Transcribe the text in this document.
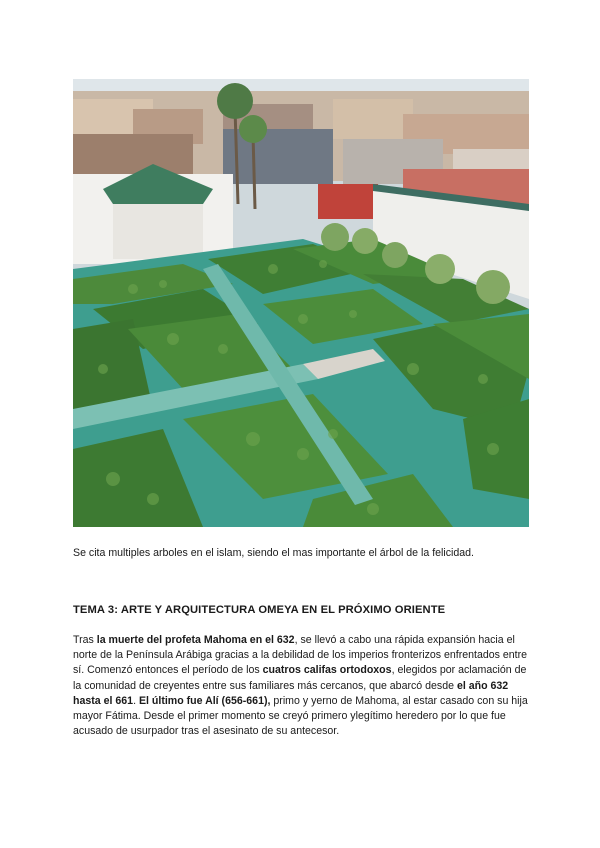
Se cita multiples arboles en el islam, siendo el mas importante el árbol de la felicidad.
TEMA 3: ARTE Y ARQUITECTURA OMEYA EN EL PRÓXIMO ORIENTE
Tras la muerte del profeta Mahoma en el 632, se llevó a cabo una rápida expansión hacia el norte de la Península Arábiga gracias a la debilidad de los imperios fronterizos enfrentados entre sí. Comenzó entonces el período de los cuatros califas ortodoxos, elegidos por aclamación de la comunidad de creyentes entre sus familiares más cercanos, que abarcó desde el año 632 hasta el 661. El último fue Alí (656-661), primo y yerno de Mahoma, al estar casado con su hija mayor Fátima. Desde el primer momento se creyó primero ylegítimo heredero por lo que fue acusado de usurpador tras el asesinato de su antecesor.
